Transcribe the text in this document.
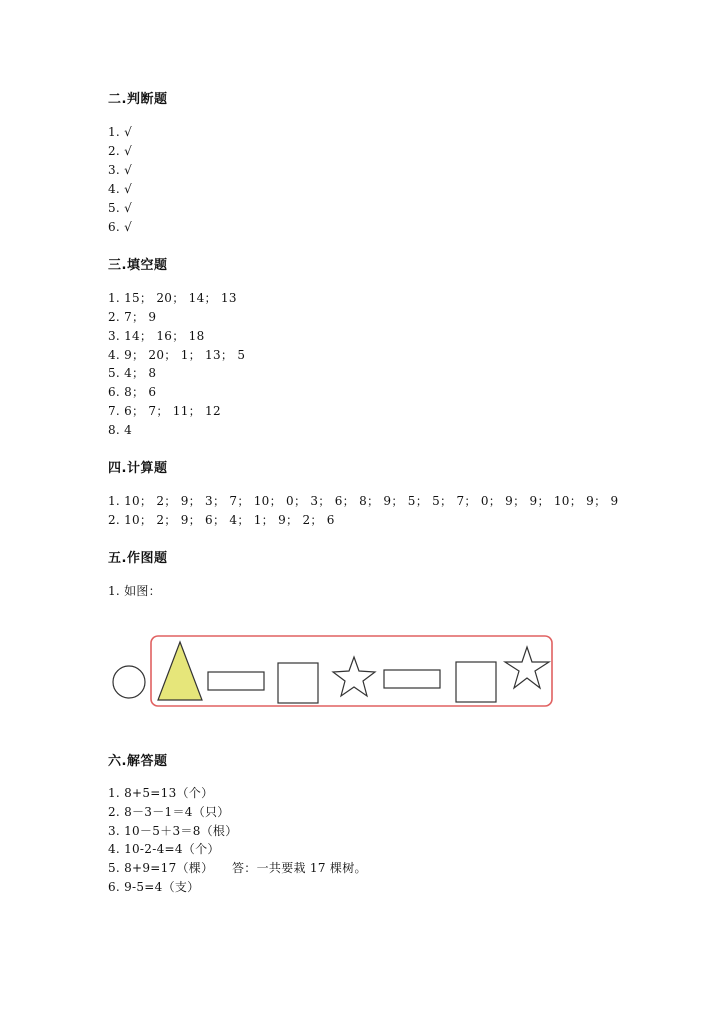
二.判断题
1. √
2. √
3. √
4. √
5. √
6. √
三.填空题
1. 15； 20； 14； 13
2. 7； 9
3. 14； 16； 18
4. 9； 20； 1； 13； 5
5. 4； 8
6. 8； 6
7. 6； 7； 11； 12
8. 4
四.计算题
1. 10； 2； 9； 3； 7； 10； 0； 3； 6； 8； 9； 5； 5； 7； 0； 9； 9； 10； 9； 9
2. 10； 2； 9； 6； 4； 1； 9； 2； 6
五.作图题
1. 如图：
六.解答题
1. 8+5=13（个）
2. 8－3－1＝4（只）
3. 10－5＋3＝8（根）
4. 10-2-4=4（个）
5. 8+9=17（棵）　　答：一共要栽 17 棵树。
6. 9-5=4（支）
